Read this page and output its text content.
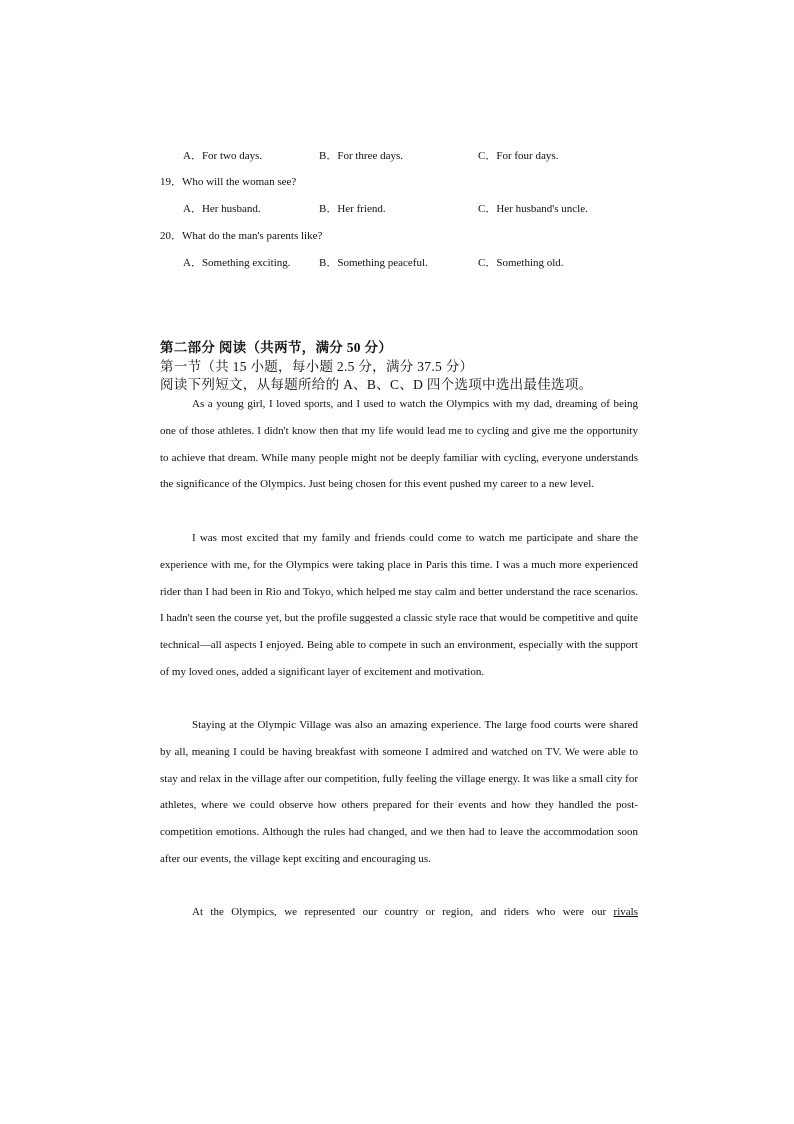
A．For two days.	B．For three days.	C．For four days.
19．Who will the woman see?
A．Her husband.	B．Her friend.	C．Her husband's uncle.
20．What do the man's parents like?
A．Something exciting.	B．Something peaceful.	C．Something old.
第二部分 阅读（共两节，满分 50 分）
第一节（共 15 小题，每小题 2.5 分，满分 37.5 分）
阅读下列短文，从每题所给的 A、B、C、D 四个选项中选出最佳选项。

As a young girl, I loved sports, and I used to watch the Olympics with my dad, dreaming of being one of those athletes. I didn't know then that my life would lead me to cycling and give me the opportunity to achieve that dream. While many people might not be deeply familiar with cycling, everyone understands the significance of the Olympics. Just being chosen for this event pushed my career to a new level.

I was most excited that my family and friends could come to watch me participate and share the experience with me, for the Olympics were taking place in Paris this time. I was a much more experienced rider than I had been in Rio and Tokyo, which helped me stay calm and better understand the race scenarios. I hadn't seen the course yet, but the profile suggested a classic style race that would be competitive and quite technical—all aspects I enjoyed. Being able to compete in such an environment, especially with the support of my loved ones, added a significant layer of excitement and motivation.

Staying at the Olympic Village was also an amazing experience. The large food courts were shared by all, meaning I could be having breakfast with someone I admired and watched on TV. We were able to stay and relax in the village after our competition, fully feeling the village energy. It was like a small city for athletes, where we could observe how others prepared for their events and how they handled the post-competition emotions. Although the rules had changed, and we then had to leave the accommodation soon after our events, the village kept exciting and encouraging us.

At the Olympics, we represented our country or region, and riders who were our rivals
